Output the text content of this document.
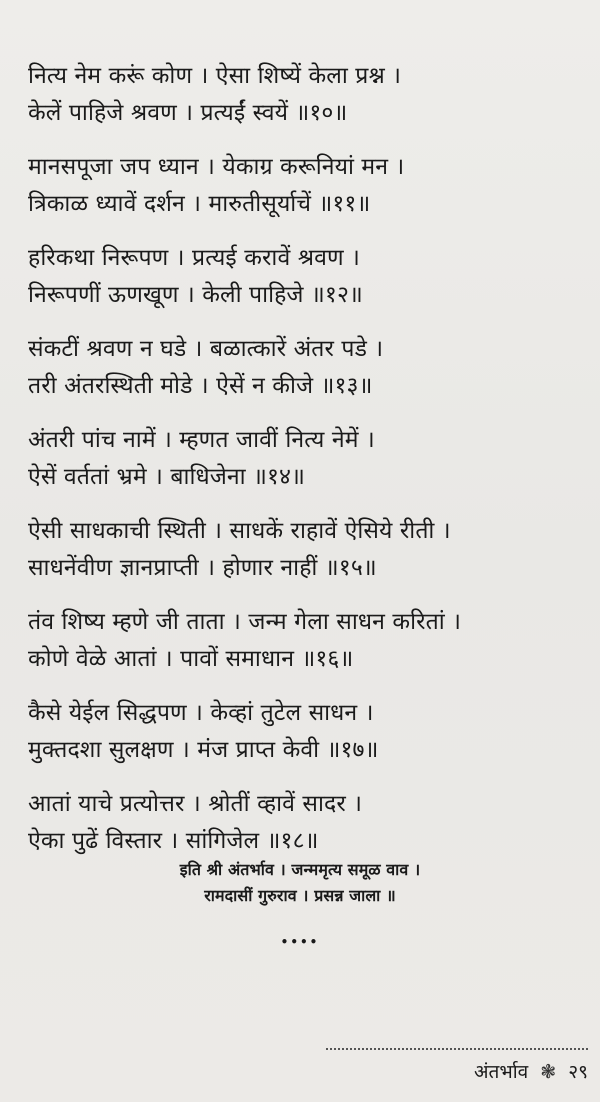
नित्य नेम करूं कोण । ऐसा शिष्यें केला प्रश्न ।
केलें पाहिजे श्रवण । प्रत्यईं स्वयें ॥१०॥
मानसपूजा जप ध्यान । येकाग्र करूनियां मन ।
त्रिकाळ ध्यावें दर्शन । मारुतीसूर्याचें ॥११॥
हरिकथा निरूपण । प्रत्यई करावें श्रवण ।
निरूपणीं ऊणखूण । केली पाहिजे ॥१२॥
संकटीं श्रवण न घडे । बळात्कारें अंतर पडे ।
तरी अंतरस्थिती मोडे । ऐसें न कीजे ॥१३॥
अंतरी पांच नामें । म्हणत जावीं नित्य नेमें ।
ऐसें वर्ततां भ्रमे । बाधिजेना ॥१४॥
ऐसी साधकाची स्थिती । साधकें राहावें ऐसिये रीती ।
साधनेंवीण ज्ञानप्राप्ती । होणार नाहीं ॥१५॥
तंव शिष्य म्हणे जी ताता । जन्म गेला साधन करितां ।
कोणे वेळे आतां । पावों समाधान ॥१६॥
कैसे येईल सिद्धपण । केव्हां तुटेल साधन ।
मुक्तदशा सुलक्षण । मंज प्राप्त केवी ॥१७॥
आतां याचे प्रत्योत्तर । श्रोतीं व्हावें सादर ।
ऐका पुढें विस्तार । सांगिजेल ॥१८॥
इति श्री अंतर्भाव । जन्ममृत्य समूळ वाव ।
रामदासीं गुरुराव । प्रसन्न जाला ॥
••••
अंतर्भाव ❃ २९
